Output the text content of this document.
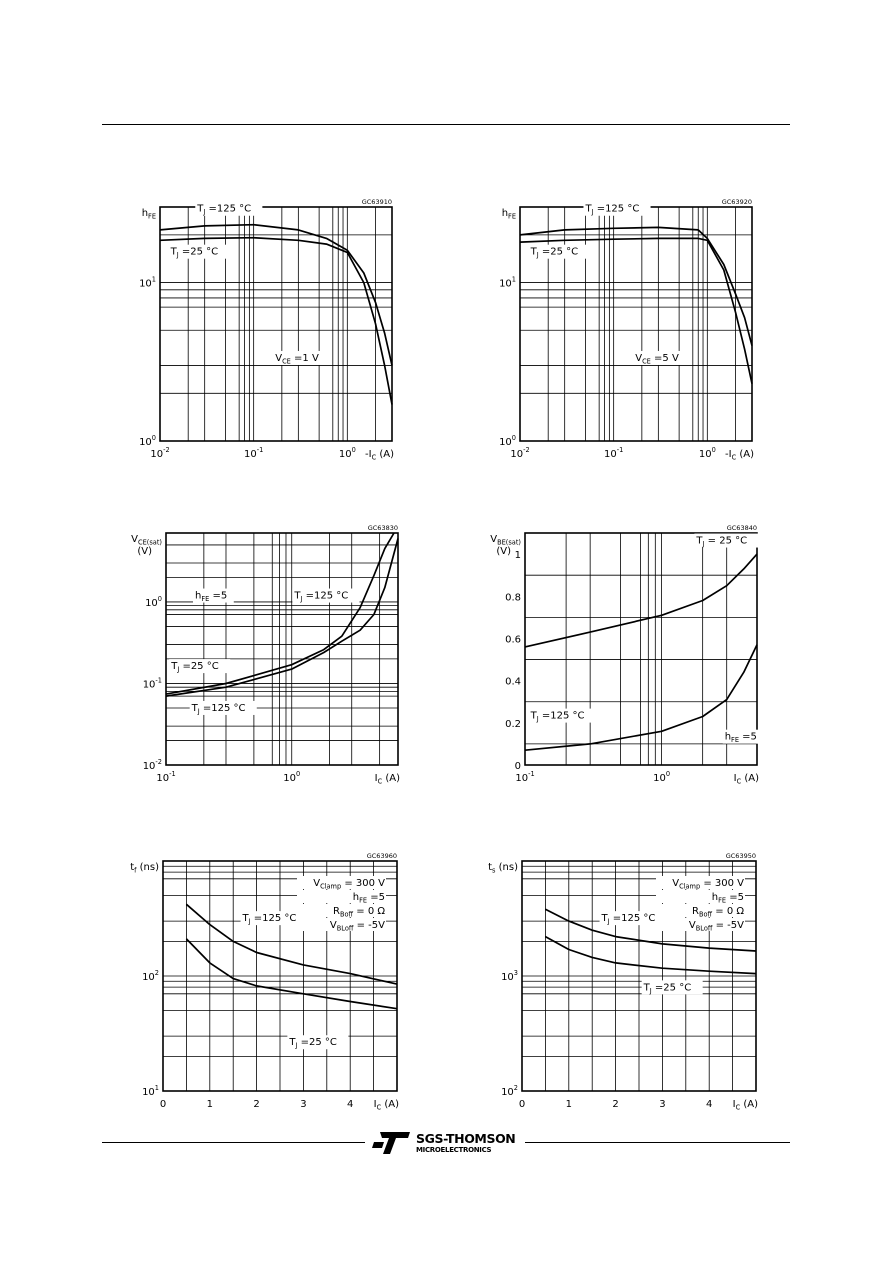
$10^{-2}$	$10^{-1}$	$10^0$
$10^0$
$10^1$
$-I_C$ (A)
$h_{FE}$
GC63910
$T_J =125$ °C
$T_J =25$ °C
$V_{CE} =1$ V
$10^{-2}$	$10^{-1}$	$10^0$
$10^0$
$10^1$
$-I_C$ (A)
$h_{FE}$
GC63920
$T_J =125$ °C
$T_J =25$ °C
$V_{CE} =5$ V
$10^{-1}$	$10^0$
$10^{-2}$
$10^{-1}$
$10^0$
$I_C$ (A)
$V_{CE(sat)}$
(V)
GC63830
$h_{FE} =5$	$T_J =125$ °C
$T_J =25$ °C
$T_J =125$ °C
$10^{-1}$	$10^0$
0
0.2
0.4
0.6
0.8
1
$I_C$ (A)
$V_{BE(sat)}$
(V)
GC63840
$T_J = 25$ °C
$T_J =125$ °C
$h_{FE} =5$
0	1	2	3	4
$10^1$
$10^2$
$I_C$ (A)
$t_f$ (ns)
GC63960
$V_{Clamp} = 300$ V
$h_{FE} =5$
$R_{Boff} = 0$ Ω
$V_{BLoff} = -5V$
$T_J =125$ °C
$T_J =25$ °C
0	1	2	3	4
$10^2$
$10^3$
$I_C$ (A)
$t_s$ (ns)
GC63950
$V_{Clamp} = 300$ V
$h_{FE} =5$
$R_{Boff} = 0$ Ω
$V_{BLoff} = -5V$
$T_J =125$ °C
$T_J =25$ °C
SGS-THOMSON
MICROELECTRONICS
